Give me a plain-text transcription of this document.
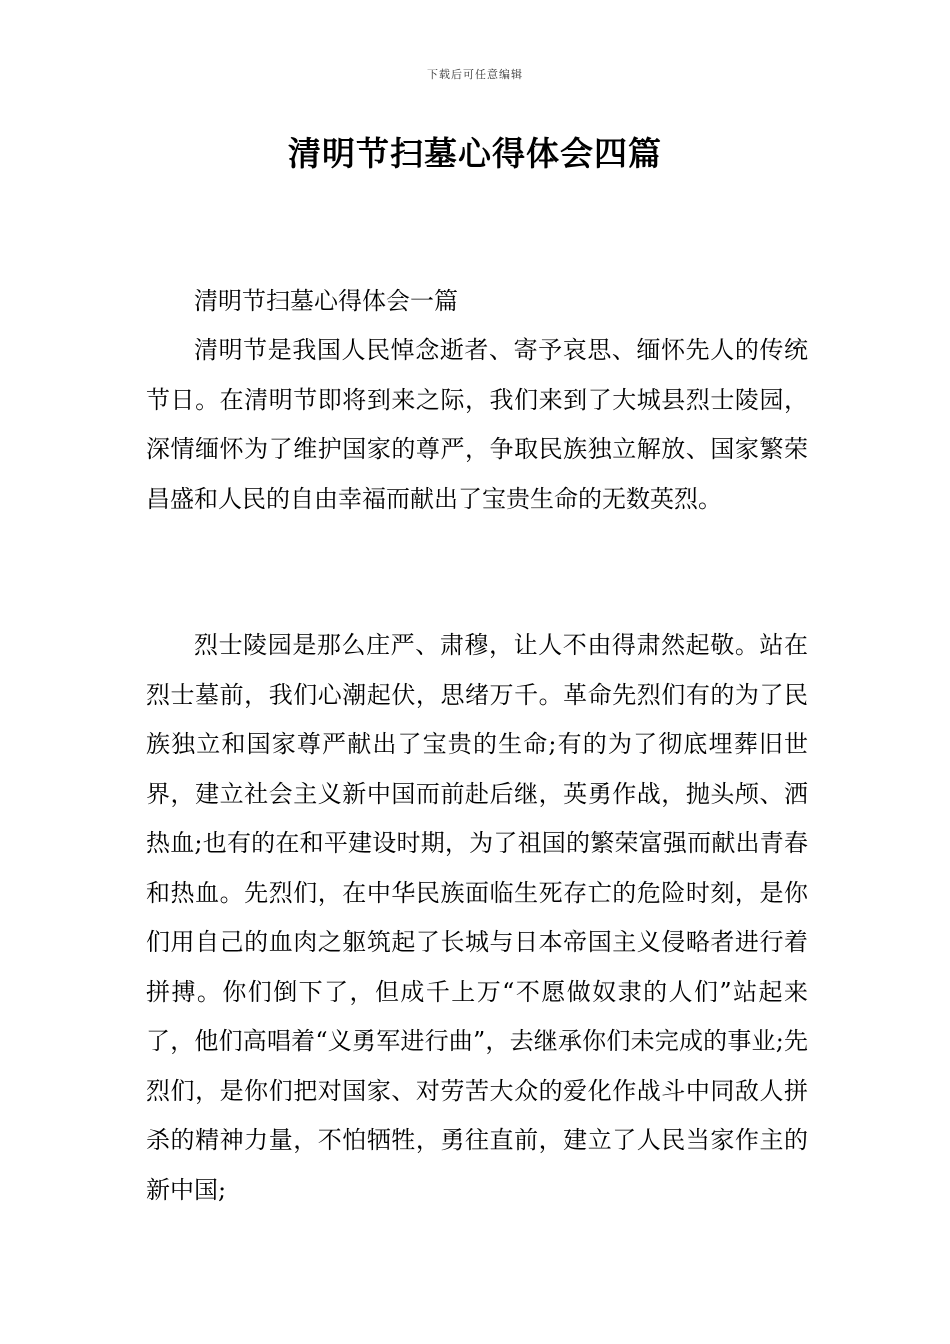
下载后可任意编辑
清明节扫墓心得体会四篇

清明节扫墓心得体会一篇

清明节是我国人民悼念逝者、寄予哀思、缅怀先人的传统节日。在清明节即将到来之际，我们来到了大城县烈士陵园，深情缅怀为了维护国家的尊严，争取民族独立解放、国家繁荣昌盛和人民的自由幸福而献出了宝贵生命的无数英烈。

烈士陵园是那么庄严、肃穆，让人不由得肃然起敬。站在烈士墓前，我们心潮起伏，思绪万千。革命先烈们有的为了民族独立和国家尊严献出了宝贵的生命;有的为了彻底埋葬旧世界，建立社会主义新中国而前赴后继，英勇作战，抛头颅、洒热血;也有的在和平建设时期，为了祖国的繁荣富强而献出青春和热血。先烈们，在中华民族面临生死存亡的危险时刻，是你们用自己的血肉之躯筑起了长城与日本帝国主义侵略者进行着拼搏。你们倒下了，但成千上万“不愿做奴隶的人们”站起来了，他们高唱着“义勇军进行曲”，去继承你们未完成的事业;先烈们，是你们把对国家、对劳苦大众的爱化作战斗中同敌人拼杀的精神力量，不怕牺牲，勇往直前，建立了人民当家作主的新中国;
